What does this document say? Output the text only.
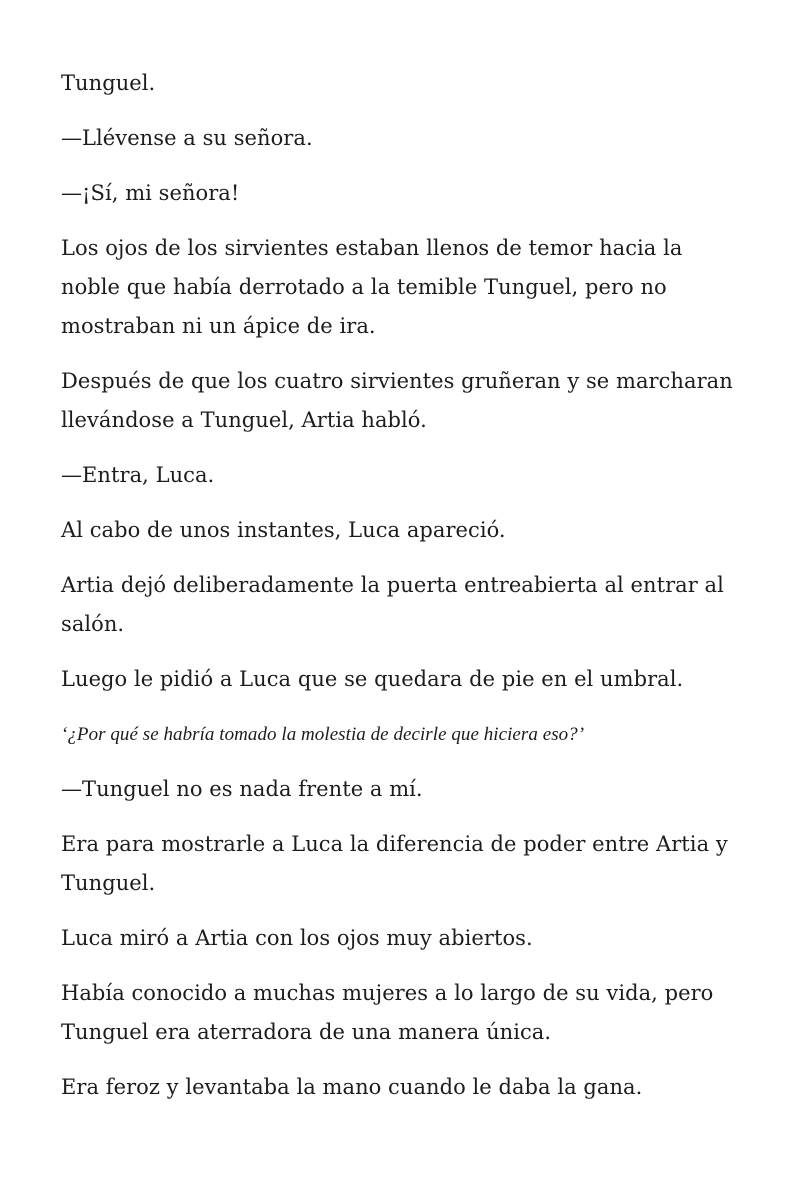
Tunguel.

—Llévense a su señora.

—¡Sí, mi señora!

Los ojos de los sirvientes estaban llenos de temor hacia la noble que había derrotado a la temible Tunguel, pero no mostraban ni un ápice de ira.

Después de que los cuatro sirvientes gruñeran y se marcharan llevándose a Tunguel, Artia habló.

—Entra, Luca.

Al cabo de unos instantes, Luca apareció.

Artia dejó deliberadamente la puerta entreabierta al entrar al salón.

Luego le pidió a Luca que se quedara de pie en el umbral.

‘¿Por qué se habría tomado la molestia de decirle que hiciera eso?’

—Tunguel no es nada frente a mí.

Era para mostrarle a Luca la diferencia de poder entre Artia y Tunguel.

Luca miró a Artia con los ojos muy abiertos.

Había conocido a muchas mujeres a lo largo de su vida, pero Tunguel era aterradora de una manera única.

Era feroz y levantaba la mano cuando le daba la gana.
